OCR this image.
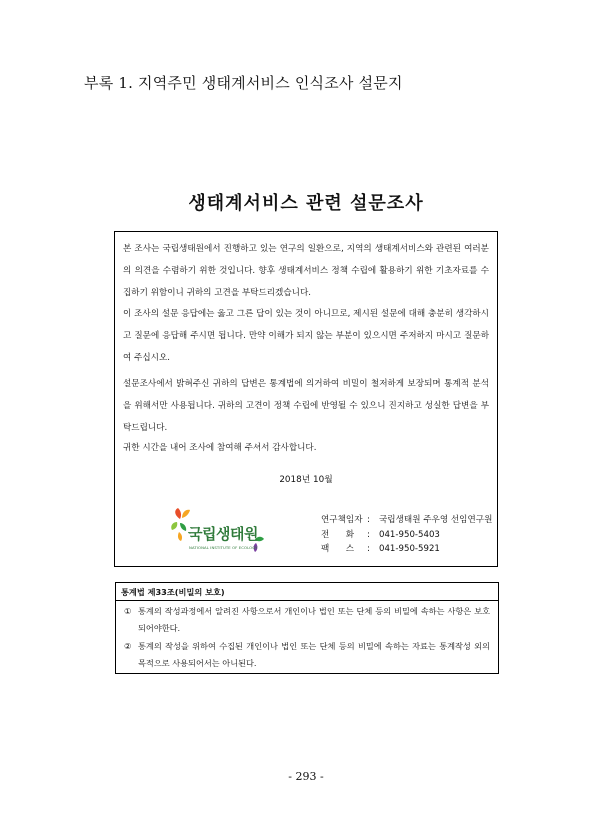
부록 1. 지역주민 생태계서비스 인식조사 설문지
생태계서비스 관련 설문조사
본 조사는 국립생태원에서 진행하고 있는 연구의 일환으로, 지역의 생태계서비스와 관련된 여러분의 의견을 수렴하기 위한 것입니다. 향후 생태계서비스 정책 수립에 활용하기 위한 기초자료를 수집하기 위함이니 귀하의 고견을 부탁드리겠습니다.
이 조사의 설문 응답에는 옳고 그른 답이 있는 것이 아니므로, 제시된 설문에 대해 충분히 생각하시고 질문에 응답해 주시면 됩니다. 만약 이해가 되지 않는 부분이 있으시면 주저하지 마시고 질문하여 주십시오.
설문조사에서 밝혀주신 귀하의 답변은 통계법에 의거하여 비밀이 철저하게 보장되며 통계적 분석을 위해서만 사용됩니다. 귀하의 고견이 정책 수립에 반영될 수 있으니 진지하고 성실한 답변을 부탁드립니다.
귀한 시간을 내어 조사에 참여해 주셔서 감사합니다.
2018년 10월
국립생태원
NATIONAL INSTITUTE OF ECOLOGY
연구책임자 :	국립생태원 주우영 선임연구원
전      화	:	041-950-5403
팩      스	:	041-950-5921
통계법 제33조(비밀의 보호)
① 통계의 작성과정에서 알려진 사항으로서 개인이나 법인 또는 단체 등의 비밀에 속하는 사항은 보호 되어야한다.
② 통계의 작성을 위하여 수집된 개인이나 법인 또는 단체 등의 비밀에 속하는 자료는 통계작성 외의 목적으로 사용되어서는 아니된다.
- 293 -
